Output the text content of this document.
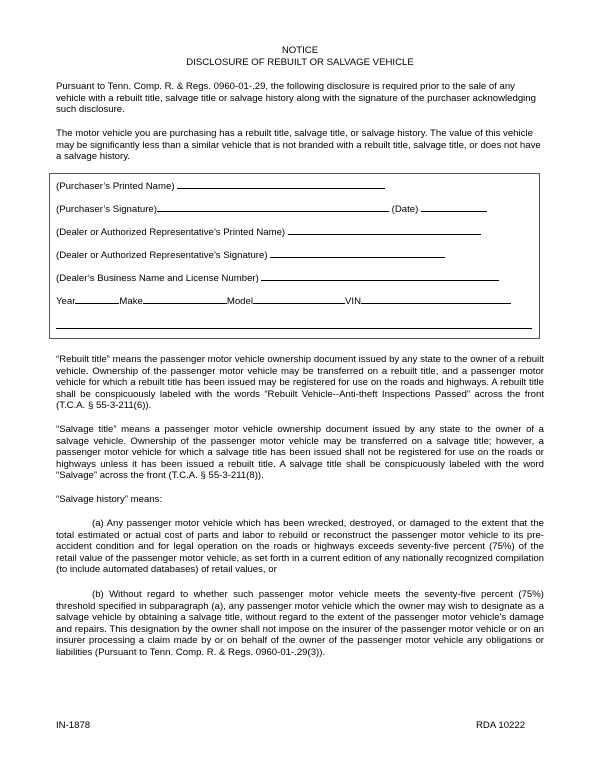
NOTICE
DISCLOSURE OF REBUILT OR SALVAGE VEHICLE
Pursuant to Tenn. Comp. R. & Regs. 0960-01-.29, the following disclosure is required prior to the sale of any vehicle with a rebuilt title, salvage title or salvage history along with the signature of the purchaser acknowledging such disclosure.
The motor vehicle you are purchasing has a rebuilt title, salvage title, or salvage history. The value of this vehicle may be significantly less than a similar vehicle that is not branded with a rebuilt title, salvage title, or does not have a salvage history.
(Purchaser’s Printed Name)
(Purchaser’s Signature)	(Date)
(Dealer or Authorized Representative’s Printed Name)
(Dealer or Authorized Representative’s Signature)
(Dealer’s Business Name and License Number)
Year	Make	Model	VIN
“Rebuilt title” means the passenger motor vehicle ownership document issued by any state to the owner of a rebuilt vehicle. Ownership of the passenger motor vehicle may be transferred on a rebuilt title, and a passenger motor vehicle for which a rebuilt title has been issued may be registered for use on the roads and highways. A rebuilt title shall be conspicuously labeled with the words “Rebuilt Vehicle--Anti-theft Inspections Passed” across the front (T.C.A. § 55-3-211(6)).
“Salvage title” means a passenger motor vehicle ownership document issued by any state to the owner of a salvage vehicle. Ownership of the passenger motor vehicle may be transferred on a salvage title; however, a passenger motor vehicle for which a salvage title has been issued shall not be registered for use on the roads or highways unless it has been issued a rebuilt title. A salvage title shall be conspicuously labeled with the word “Salvage” across the front (T.C.A. § 55-3-211(8)).
“Salvage history” means:
(a) Any passenger motor vehicle which has been wrecked, destroyed, or damaged to the extent that the total estimated or actual cost of parts and labor to rebuild or reconstruct the passenger motor vehicle to its pre-accident condition and for legal operation on the roads or highways exceeds seventy-five percent (75%) of the retail value of the passenger motor vehicle, as set forth in a current edition of any nationally recognized compilation (to include automated databases) of retail values, or
(b) Without regard to whether such passenger motor vehicle meets the seventy-five percent (75%) threshold specified in subparagraph (a), any passenger motor vehicle which the owner may wish to designate as a salvage vehicle by obtaining a salvage title, without regard to the extent of the passenger motor vehicle's damage and repairs. This designation by the owner shall not impose on the insurer of the passenger motor vehicle or on an insurer processing a claim made by or on behalf of the owner of the passenger motor vehicle any obligations or liabilities (Pursuant to Tenn. Comp. R. & Regs. 0960-01-.29(3)).
IN-1878	RDA 10222
